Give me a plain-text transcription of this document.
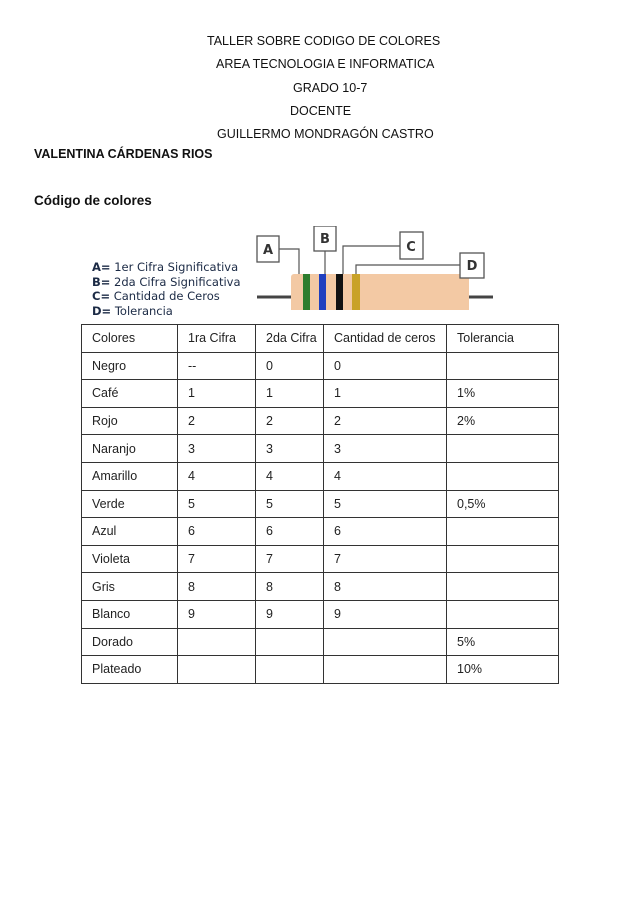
TALLER SOBRE CODIGO DE COLORES
AREA TECNOLOGIA E INFORMATICA
GRADO 10-7
DOCENTE
GUILLERMO MONDRAGÓN CASTRO
VALENTINA CÁRDENAS RIOS
Código de colores
A= 1er Cifra Significativa
B= 2da Cifra Significativa
C= Cantidad de Ceros
D= Tolerancia
A
B
C
D
Colores	1ra Cifra	2da Cifra	Cantidad de ceros	Tolerancia
Negro	--	0	0	
Café	1	1	1	1%
Rojo	2	2	2	2%
Naranjo	3	3	3	
Amarillo	4	4	4	
Verde	5	5	5	0,5%
Azul	6	6	6	
Violeta	7	7	7	
Gris	8	8	8	
Blanco	9	9	9	
Dorado				5%
Plateado				10%
